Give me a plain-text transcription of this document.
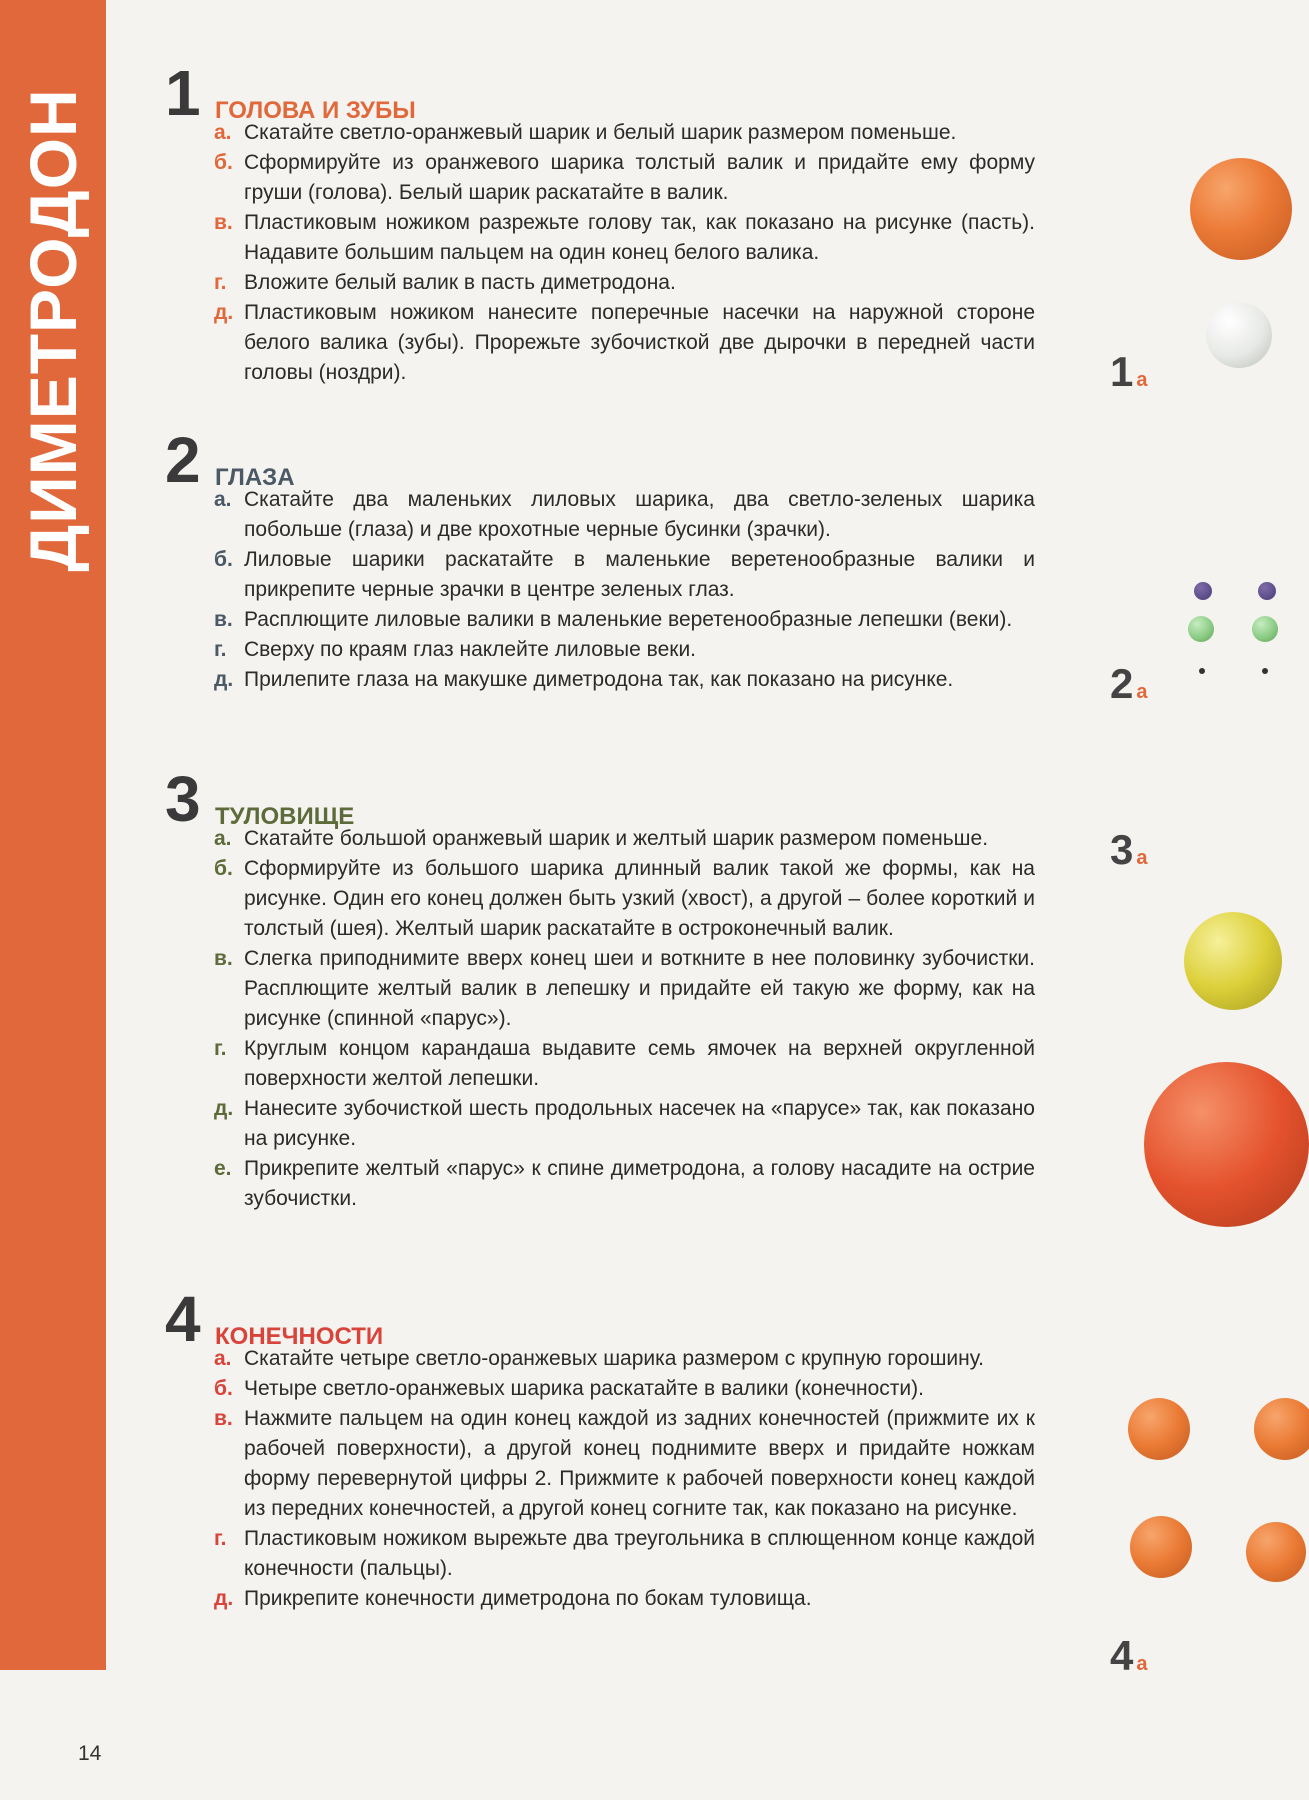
ДИМЕТРОДОН 1 ГОЛОВА И ЗУБЫ
а. Скатайте светло-оранжевый шарик и белый шарик размером поменьше.
б. Сформируйте из оранжевого шарика толстый валик и придайте ему форму груши (голова). Белый шарик раскатайте в валик.
в. Пластиковым ножиком разрежьте голову так, как показано на рисунке (пасть). Надавите большим пальцем на один конец белого валика.
г. Вложите белый валик в пасть диметродона.
д. Пластиковым ножиком нанесите поперечные насечки на наружной стороне белого валика (зубы). Прорежьте зубочисткой две дырочки в передней части головы (ноздри).
2 ГЛАЗА
а. Скатайте два маленьких лиловых шарика, два светло-зеленых шарика побольше (глаза) и две крохотные черные бусинки (зрачки).
б. Лиловые шарики раскатайте в маленькие веретенообразные валики и прикрепите черные зрачки в центре зеленых глаз.
в. Расплющите лиловые валики в маленькие веретенообразные лепешки (веки).
г. Сверху по краям глаз наклейте лиловые веки.
д. Прилепите глаза на макушке диметродона так, как показано на рисунке.
3 ТУЛОВИЩЕ
а. Скатайте большой оранжевый шарик и желтый шарик размером поменьше.
б. Сформируйте из большого шарика длинный валик такой же формы, как на рисунке. Один его конец должен быть узкий (хвост), а другой – более короткий и толстый (шея). Желтый шарик раскатайте в остроконечный валик.
в. Слегка приподнимите вверх конец шеи и воткните в нее половинку зубочистки. Расплющите желтый валик в лепешку и придайте ей такую же форму, как на рисунке (спинной «парус»).
г. Круглым концом карандаша выдавите семь ямочек на верхней округленной поверхности желтой лепешки.
д. Нанесите зубочисткой шесть продольных насечек на «парусе» так, как показано на рисунке.
е. Прикрепите желтый «парус» к спине диметродона, а голову насадите на острие зубочистки.
4 КОНЕЧНОСТИ
а. Скатайте четыре светло-оранжевых шарика размером с крупную горошину.
б. Четыре светло-оранжевых шарика раскатайте в валики (конечности).
в. Нажмите пальцем на один конец каждой из задних конечностей (прижмите их к рабочей поверхности), а другой конец поднимите вверх и придайте ножкам форму перевернутой цифры 2. Прижмите к рабочей поверхности конец каждой из передних конечностей, а другой конец согните так, как показано на рисунке.
г. Пластиковым ножиком вырежьте два треугольника в сплющенном конце каждой конечности (пальцы).
д. Прикрепите конечности диметродона по бокам туловища.
1 а
2 а
3 а
4 а
14
